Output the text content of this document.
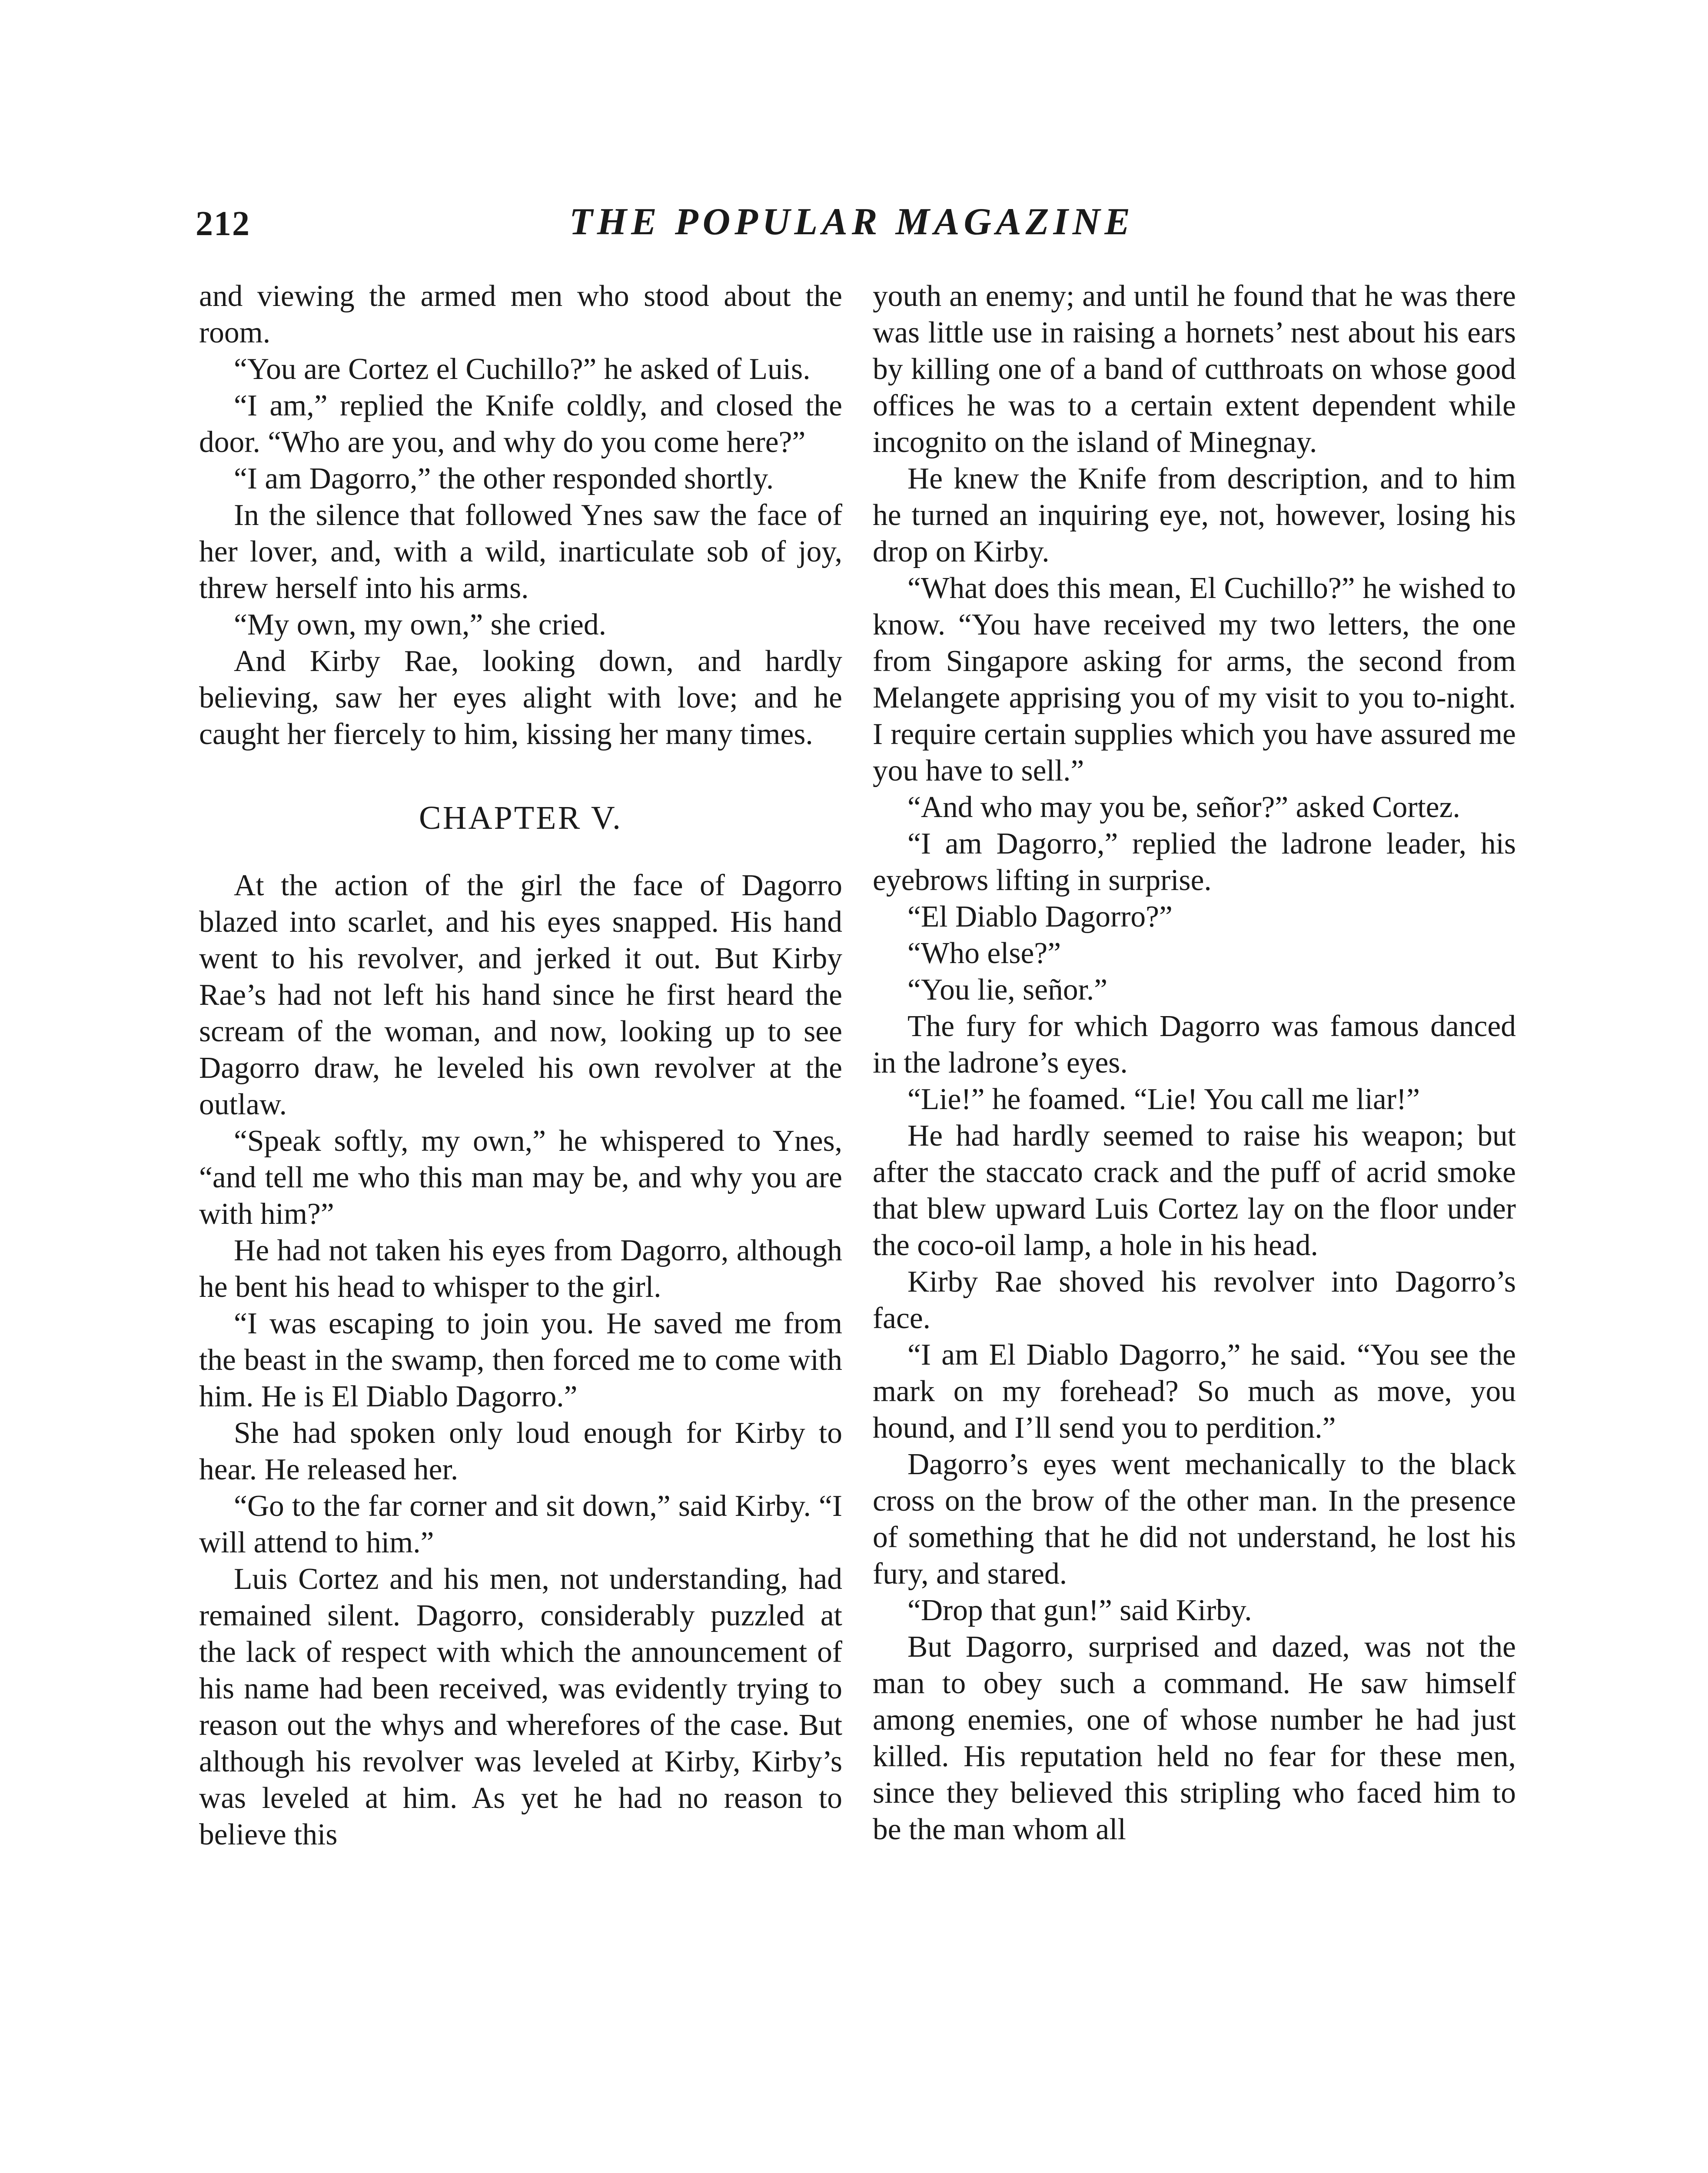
212	THE POPULAR MAGAZINE

and viewing the armed men who stood about the room.

“You are Cortez el Cuchillo?” he asked of Luis.

“I am,” replied the Knife coldly, and closed the door. “Who are you, and why do you come here?”

“I am Dagorro,” the other responded shortly.

In the silence that followed Ynes saw the face of her lover, and, with a wild, inarticulate sob of joy, threw herself into his arms.

“My own, my own,” she cried.

And Kirby Rae, looking down, and hardly believing, saw her eyes alight with love; and he caught her fiercely to him, kissing her many times.

CHAPTER V.

At the action of the girl the face of Dagorro blazed into scarlet, and his eyes snapped. His hand went to his revolver, and jerked it out. But Kirby Rae’s had not left his hand since he first heard the scream of the woman, and now, looking up to see Dagorro draw, he leveled his own revolver at the outlaw.

“Speak softly, my own,” he whispered to Ynes, “and tell me who this man may be, and why you are with him?”

He had not taken his eyes from Dagorro, although he bent his head to whisper to the girl.

“I was escaping to join you. He saved me from the beast in the swamp, then forced me to come with him. He is El Diablo Dagorro.”

She had spoken only loud enough for Kirby to hear. He released her.

“Go to the far corner and sit down,” said Kirby. “I will attend to him.”

Luis Cortez and his men, not understanding, had remained silent. Dagorro, considerably puzzled at the lack of respect with which the announcement of his name had been received, was evidently trying to reason out the whys and wherefores of the case. But although his revolver was leveled at Kirby, Kirby’s was leveled at him. As yet he had no reason to believe this

youth an enemy; and until he found that he was there was little use in raising a hornets’ nest about his ears by killing one of a band of cutthroats on whose good offices he was to a certain extent dependent while incognito on the island of Minegnay.

He knew the Knife from description, and to him he turned an inquiring eye, not, however, losing his drop on Kirby.

“What does this mean, El Cuchillo?” he wished to know. “You have received my two letters, the one from Singapore asking for arms, the second from Melangete apprising you of my visit to you to-night. I require certain supplies which you have assured me you have to sell.”

“And who may you be, señor?” asked Cortez.

“I am Dagorro,” replied the ladrone leader, his eyebrows lifting in surprise.

“El Diablo Dagorro?”

“Who else?”

“You lie, señor.”

The fury for which Dagorro was famous danced in the ladrone’s eyes.

“Lie!” he foamed. “Lie! You call me liar!”

He had hardly seemed to raise his weapon; but after the staccato crack and the puff of acrid smoke that blew upward Luis Cortez lay on the floor under the coco-oil lamp, a hole in his head.

Kirby Rae shoved his revolver into Dagorro’s face.

“I am El Diablo Dagorro,” he said. “You see the mark on my forehead? So much as move, you hound, and I’ll send you to perdition.”

Dagorro’s eyes went mechanically to the black cross on the brow of the other man. In the presence of something that he did not understand, he lost his fury, and stared.

“Drop that gun!” said Kirby.

But Dagorro, surprised and dazed, was not the man to obey such a command. He saw himself among enemies, one of whose number he had just killed. His reputation held no fear for these men, since they believed this stripling who faced him to be the man whom all
